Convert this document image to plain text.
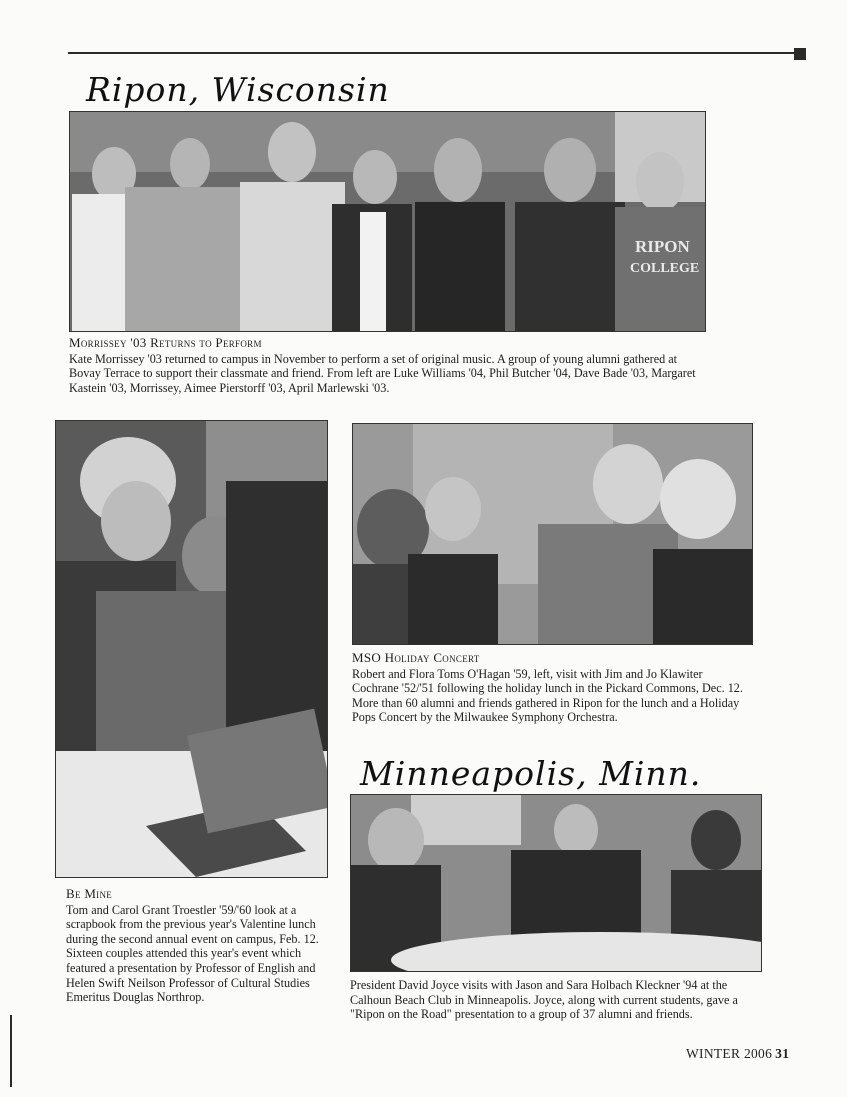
Ripon, Wisconsin
RIPON
COLLEGE
Morrissey '03 Returns to Perform
Kate Morrissey '03 returned to campus in November to perform a set of original music. A group of young alumni gathered at Bovay Terrace to support their classmate and friend. From left are Luke Williams '04, Phil Butcher '04, Dave Bade '03, Margaret Kastein '03, Morrissey, Aimee Pierstorff '03, April Marlewski '03.
Be Mine
Tom and Carol Grant Troestler '59/'60 look at a scrapbook from the previous year's Valentine lunch during the second annual event on campus, Feb. 12. Sixteen couples attended this year's event which featured a presentation by Professor of English and Helen Swift Neilson Professor of Cultural Studies Emeritus Douglas Northrop.
MSO Holiday Concert
Robert and Flora Toms O'Hagan '59, left, visit with Jim and Jo Klawiter Cochrane '52/'51 following the holiday lunch in the Pickard Commons, Dec. 12. More than 60 alumni and friends gathered in Ripon for the lunch and a Holiday Pops Concert by the Milwaukee Symphony Orchestra.
Minneapolis, Minn.
President David Joyce visits with Jason and Sara Holbach Kleckner '94 at the Calhoun Beach Club in Minneapolis. Joyce, along with current students, gave a "Ripon on the Road" presentation to a group of 37 alumni and friends.
WINTER 2006 31
